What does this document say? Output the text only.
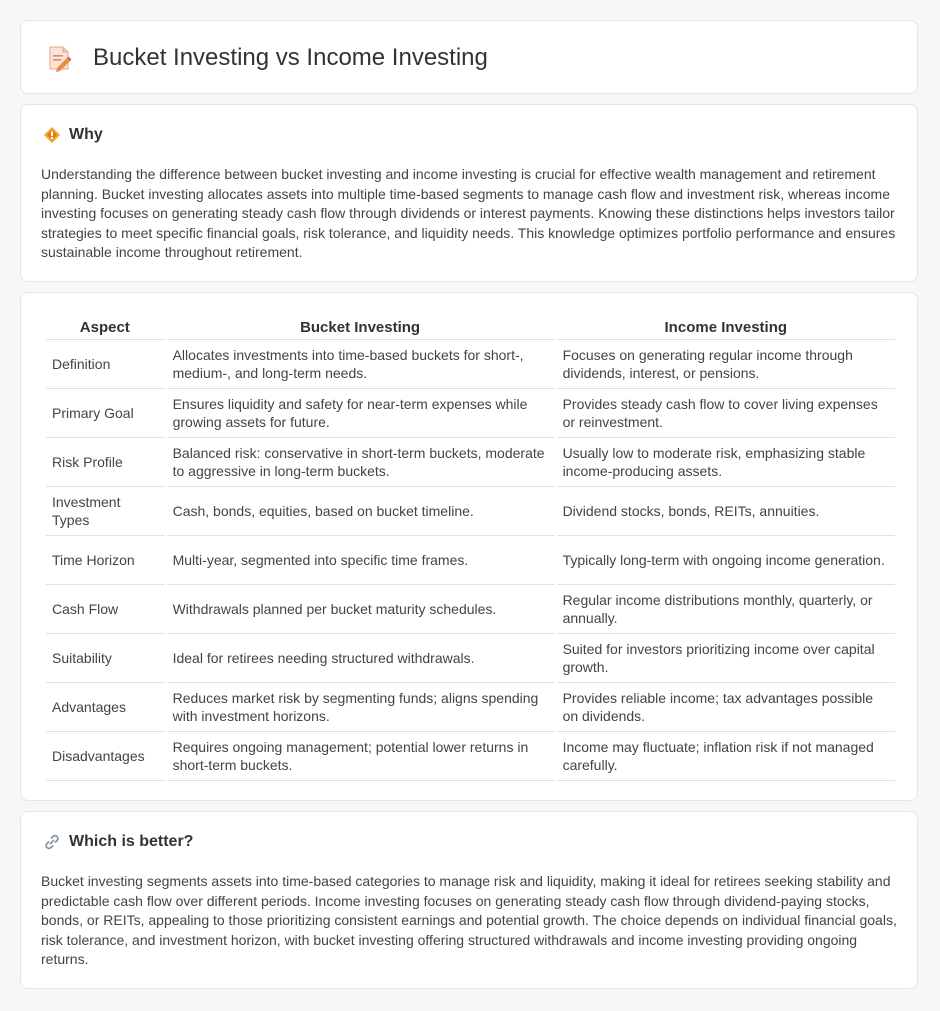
Bucket Investing vs Income Investing
Why

Understanding the difference between bucket investing and income investing is crucial for effective wealth management and retirement planning. Bucket investing allocates assets into multiple time-based segments to manage cash flow and investment risk, whereas income investing focuses on generating steady cash flow through dividends or interest payments. Knowing these distinctions helps investors tailor strategies to meet specific financial goals, risk tolerance, and liquidity needs. This knowledge optimizes portfolio performance and ensures sustainable income throughout retirement.

Aspect	Bucket Investing	Income Investing
Definition	Allocates investments into time-based buckets for short-, medium-, and long-term needs.	Focuses on generating regular income through dividends, interest, or pensions.
Primary Goal	Ensures liquidity and safety for near-term expenses while growing assets for future.	Provides steady cash flow to cover living expenses or reinvestment.
Risk Profile	Balanced risk: conservative in short-term buckets, moderate to aggressive in long-term buckets.	Usually low to moderate risk, emphasizing stable income-producing assets.
Investment Types	Cash, bonds, equities, based on bucket timeline.	Dividend stocks, bonds, REITs, annuities.
Time Horizon	Multi-year, segmented into specific time frames.	Typically long-term with ongoing income generation.
Cash Flow	Withdrawals planned per bucket maturity schedules.	Regular income distributions monthly, quarterly, or annually.
Suitability	Ideal for retirees needing structured withdrawals.	Suited for investors prioritizing income over capital growth.
Advantages	Reduces market risk by segmenting funds; aligns spending with investment horizons.	Provides reliable income; tax advantages possible on dividends.
Disadvantages	Requires ongoing management; potential lower returns in short-term buckets.	Income may fluctuate; inflation risk if not managed carefully.
Which is better?

Bucket investing segments assets into time-based categories to manage risk and liquidity, making it ideal for retirees seeking stability and predictable cash flow over different periods. Income investing focuses on generating steady cash flow through dividend-paying stocks, bonds, or REITs, appealing to those prioritizing consistent earnings and potential growth. The choice depends on individual financial goals, risk tolerance, and investment horizon, with bucket investing offering structured withdrawals and income investing providing ongoing returns.
